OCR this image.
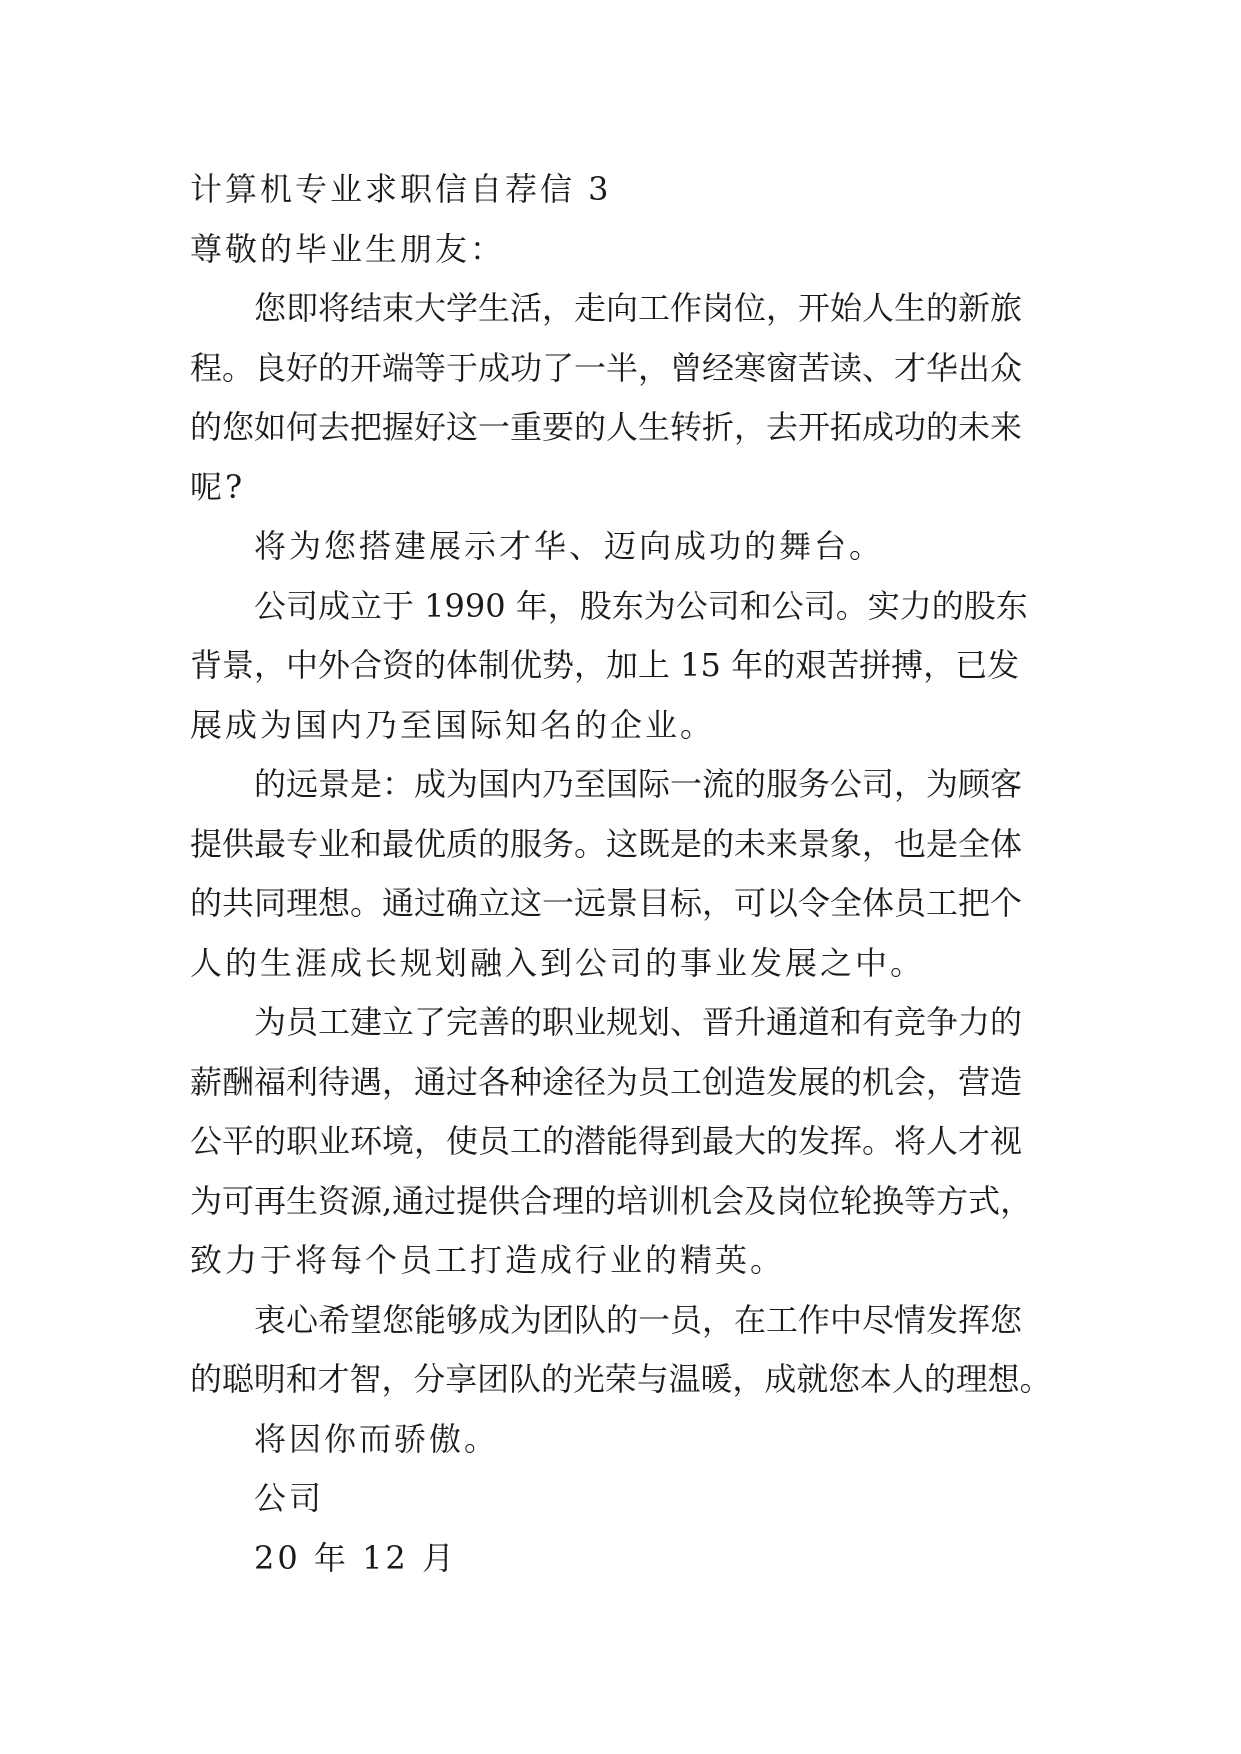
计算机专业求职信自荐信 3
尊敬的毕业生朋友：
您即将结束大学生活，走向工作岗位，开始人生的新旅
程。良好的开端等于成功了一半，曾经寒窗苦读、才华出众
的您如何去把握好这一重要的人生转折，去开拓成功的未来
呢?
将为您搭建展示才华、迈向成功的舞台。
公司成立于 1990 年，股东为公司和公司。实力的股东
背景，中外合资的体制优势，加上 15 年的艰苦拼搏，已发
展成为国内乃至国际知名的企业。
的远景是：成为国内乃至国际一流的服务公司，为顾客
提供最专业和最优质的服务。这既是的未来景象，也是全体
的共同理想。通过确立这一远景目标，可以令全体员工把个
人的生涯成长规划融入到公司的事业发展之中。
为员工建立了完善的职业规划、晋升通道和有竞争力的
薪酬福利待遇，通过各种途径为员工创造发展的机会，营造
公平的职业环境，使员工的潜能得到最大的发挥。将人才视
为可再生资源,通过提供合理的培训机会及岗位轮换等方式，
致力于将每个员工打造成行业的精英。
衷心希望您能够成为团队的一员，在工作中尽情发挥您
的聪明和才智，分享团队的光荣与温暖，成就您本人的理想。
将因你而骄傲。
公司
20 年 12 月
